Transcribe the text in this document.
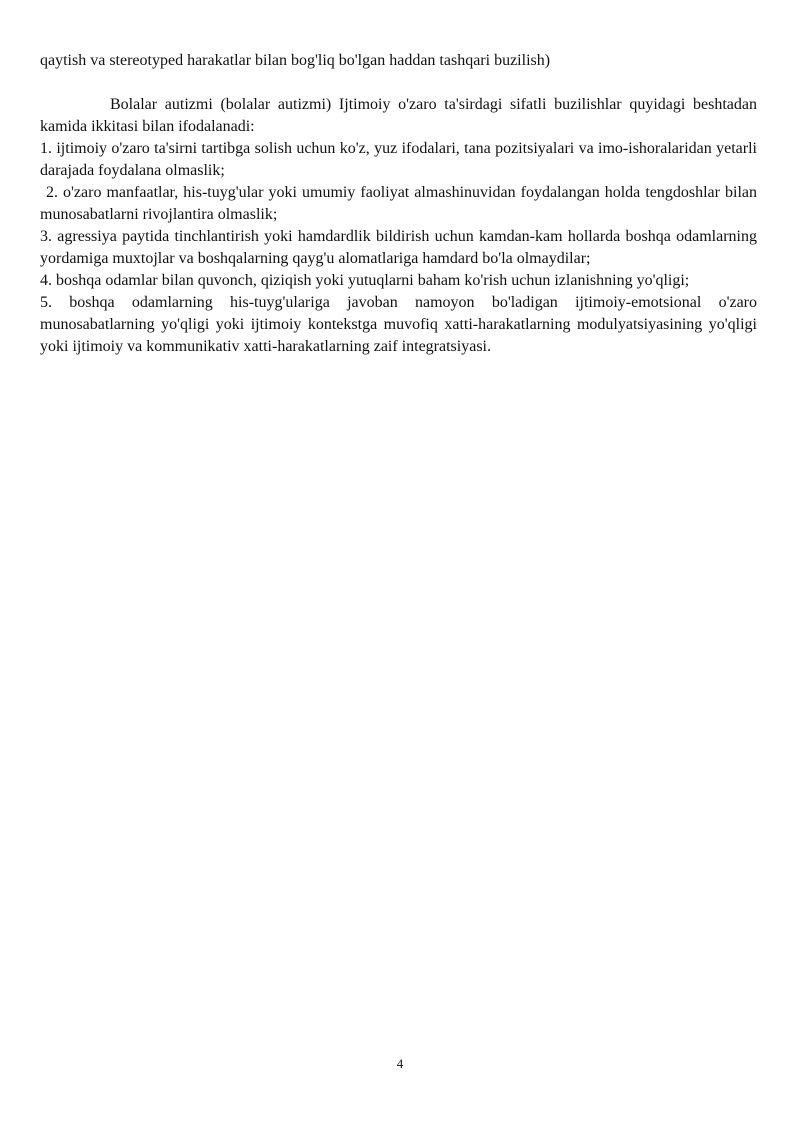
qaytish va stereotyped harakatlar bilan bog'liq bo'lgan haddan tashqari buzilish)

Bolalar autizmi (bolalar autizmi) Ijtimoiy o'zaro ta'sirdagi sifatli buzilishlar quyidagi beshtadan kamida ikkitasi bilan ifodalanadi:

1. ijtimoiy o'zaro ta'sirni tartibga solish uchun ko'z, yuz ifodalari, tana pozitsiyalari va imo-ishoralaridan yetarli darajada foydalana olmaslik;

2. o'zaro manfaatlar, his-tuyg'ular yoki umumiy faoliyat almashinuvidan foydalangan holda tengdoshlar bilan munosabatlarni rivojlantira olmaslik;

3. agressiya paytida tinchlantirish yoki hamdardlik bildirish uchun kamdan-kam hollarda boshqa odamlarning yordamiga muxtojlar va boshqalarning qayg'u alomatlariga hamdard bo'la olmaydilar;

4. boshqa odamlar bilan quvonch, qiziqish yoki yutuqlarni baham ko'rish uchun izlanishning yo'qligi;

5. boshqa odamlarning his-tuyg'ulariga javoban namoyon bo'ladigan ijtimoiy-emotsional o'zaro munosabatlarning yo'qligi yoki ijtimoiy kontekstga muvofiq xatti-harakatlarning modulyatsiyasining yo'qligi yoki ijtimoiy va kommunikativ xatti-harakatlarning zaif integratsiyasi.

4
